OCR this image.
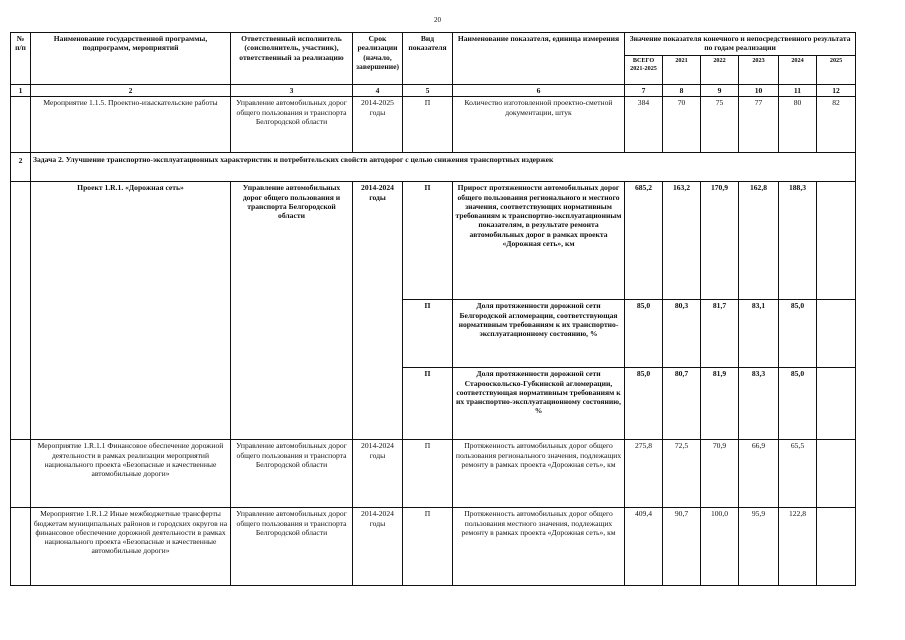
20
№ п/п	Наименование государственной программы, подпрограмм, мероприятий	Ответственный исполнитель (соисполнитель, участник), ответственный за реализацию	Срок реализации (начало, завершение)	Вид показателя	Наименование показателя, единица измерения	Значение показателя конечного и непосредственного результата по годам реализации					
						ВСЕГО 2021-2025	2021	2022	2023	2024	2025
1	2	3	4	5	6	7	8	9	10	11	12
	Мероприятие 1.1.5. Проектно-изыскательские работы	Управление автомобильных дорог общего пользования и транспорта Белгородской области	2014-2025 годы	П	Количество изготовленной проектно-сметной документации, штук	384	70	75	77	80	82
2	Задача 2. Улучшение транспортно-эксплуатационных характеристик и потребительских свойств автодорог с целью снижения транспортных издержек										
	Проект 1.R.1. «Дорожная сеть»	Управление автомобильных дорог общего пользования и транспорта Белгородской области	2014-2024 годы	П	Прирост протяженности автомобильных дорог общего пользования регионального и местного значения, соответствующих нормативным требованиям к транспортно-эксплуатационным показателям, в результате ремонта автомобильных дорог в рамках проекта «Дорожная сеть», км	685,2	163,2	170,9	162,8	188,3	
				П	Доля протяженности дорожной сети Белгородской агломерации, соответствующая нормативным требованиям к их транспортно-эксплуатационному состоянию, %	85,0	80,3	81,7	83,1	85,0	
				П	Доля протяженности дорожной сети Старооскольско-Губкинской агломерации, соответствующая нормативным требованиям к их транспортно-эксплуатационному состоянию, %	85,0	80,7	81,9	83,3	85,0	
	Мероприятие 1.R.1.1 Финансовое обеспечение дорожной деятельности в рамках реализации мероприятий национального проекта «Безопасные и качественные автомобильные дороги»	Управление автомобильных дорог общего пользования и транспорта Белгородской области	2014-2024 годы	П	Протяженность автомобильных дорог общего пользования регионального значения, подлежащих ремонту в рамках проекта «Дорожная сеть», км	275,8	72,5	70,9	66,9	65,5	
	Мероприятие 1.R.1.2 Иные межбюджетные трансферты бюджетам муниципальных районов и городских округов на финансовое обеспечение дорожной деятельности в рамках национального проекта «Безопасные и качественные автомобильные дороги»	Управление автомобильных дорог общего пользования и транспорта Белгородской области	2014-2024 годы	П	Протяженность автомобильных дорог общего пользования местного значения, подлежащих ремонту в рамках проекта «Дорожная сеть», км	409,4	90,7	100,0	95,9	122,8	
